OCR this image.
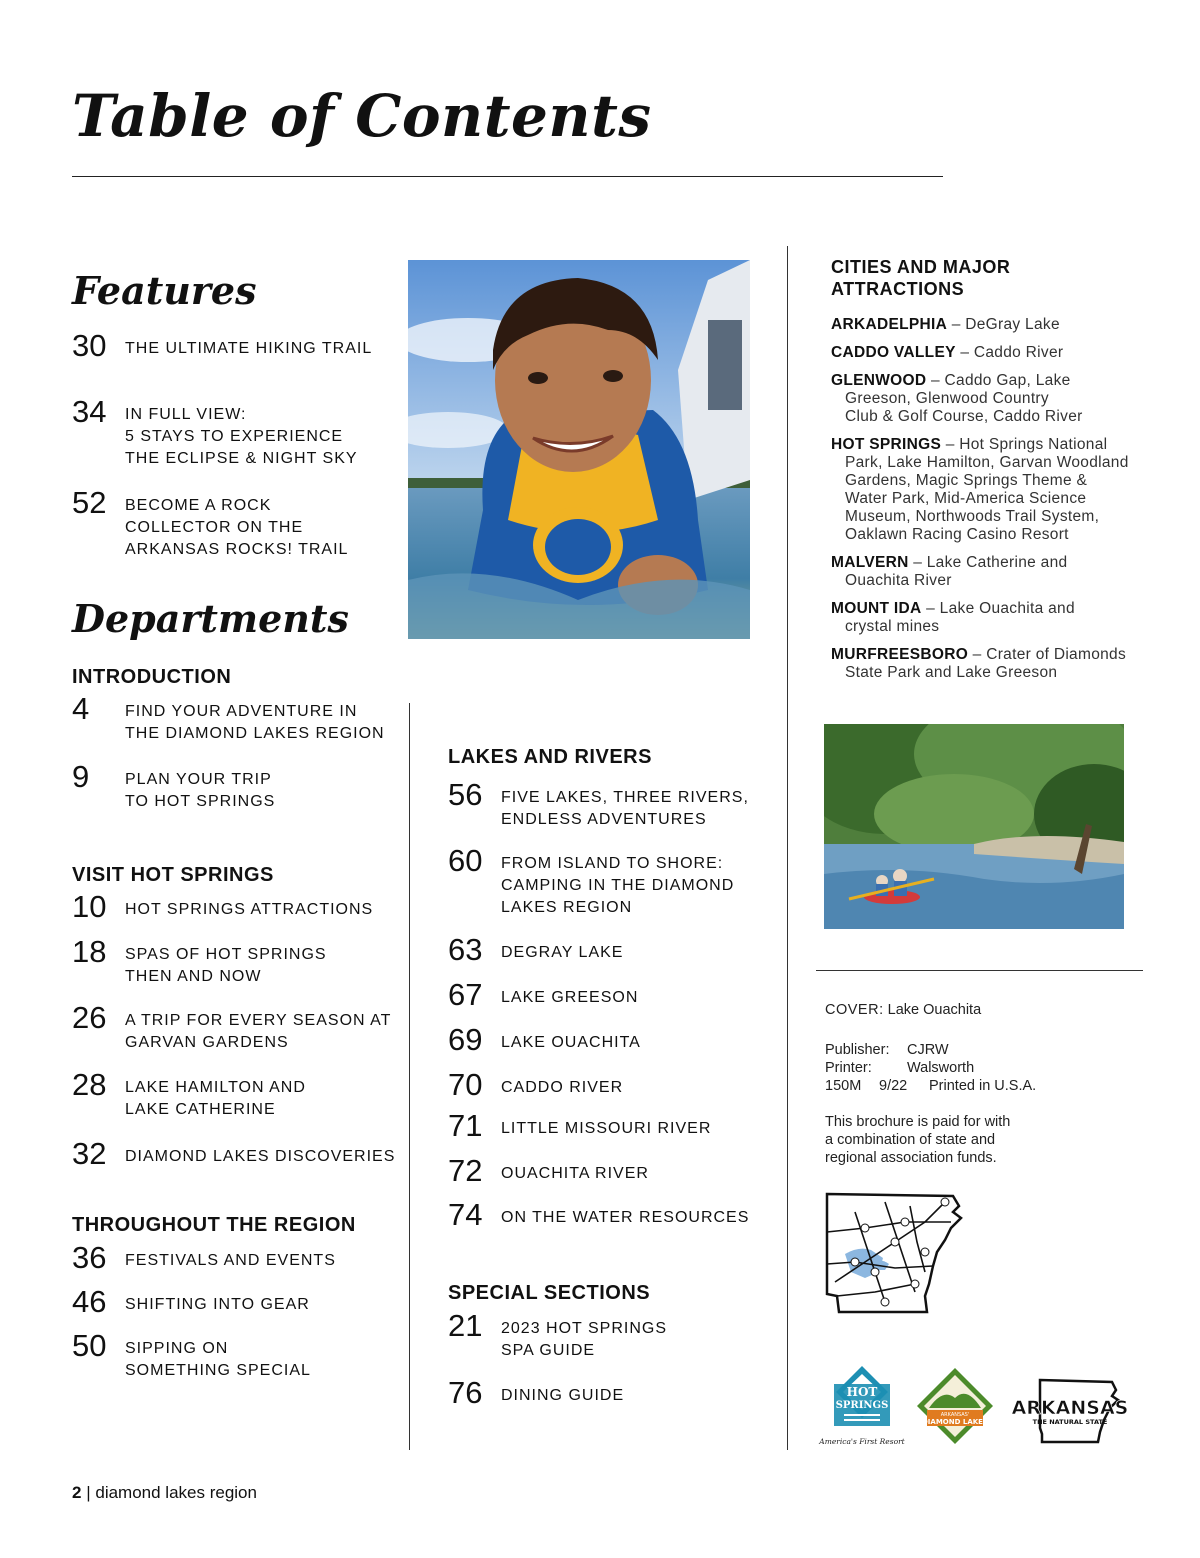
Table of Contents
Features
Departments
INTRODUCTION
VISIT HOT SPRINGS
THROUGHOUT THE REGION
LAKES AND RIVERS
SPECIAL SECTIONS
CITIES AND MAJOR
ATTRACTIONS
ARKADELPHIA – DeGray Lake
CADDO VALLEY – Caddo River
GLENWOOD – Caddo Gap, Lake
Greeson, Glenwood Country
Club & Golf Course, Caddo River
HOT SPRINGS – Hot Springs National
Park, Lake Hamilton, Garvan Woodland
Gardens, Magic Springs Theme &
Water Park, Mid-America Science
Museum, Northwoods Trail System,
Oaklawn Racing Casino Resort
MALVERN – Lake Catherine and
Ouachita River
MOUNT IDA – Lake Ouachita and
crystal mines
MURFREESBORO – Crater of Diamonds
State Park and Lake Greeson
COVER: Lake Ouachita
Publisher: CJRW
Printer: Walsworth
150M 9/22 Printed in U.S.A.
This brochure is paid for with
a combination of state and
regional association funds.
HOT
SPRINGS
America's First Resort
ARKANSAS'
DIAMOND LAKES
ARKANSAS
THE NATURAL STATE
2 | diamond lakes region
30	THE ULTIMATE HIKING TRAIL
34	IN FULL VIEW:
5 STAYS TO EXPERIENCE
THE ECLIPSE & NIGHT SKY
52	BECOME A ROCK
COLLECTOR ON THE
ARKANSAS ROCKS! TRAIL
4	FIND YOUR ADVENTURE IN
THE DIAMOND LAKES REGION
9	PLAN YOUR TRIP
TO HOT SPRINGS
10	HOT SPRINGS ATTRACTIONS
18	SPAS OF HOT SPRINGS
THEN AND NOW
26	A TRIP FOR EVERY SEASON AT
GARVAN GARDENS
28	LAKE HAMILTON AND
LAKE CATHERINE
32	DIAMOND LAKES DISCOVERIES
36	FESTIVALS AND EVENTS
46	SHIFTING INTO GEAR
50	SIPPING ON
SOMETHING SPECIAL
56	FIVE LAKES, THREE RIVERS,
ENDLESS ADVENTURES
60	FROM ISLAND TO SHORE:
CAMPING IN THE DIAMOND
LAKES REGION
63	DEGRAY LAKE
67	LAKE GREESON
69	LAKE OUACHITA
70	CADDO RIVER
71	LITTLE MISSOURI RIVER
72	OUACHITA RIVER
74	ON THE WATER RESOURCES
21	2023 HOT SPRINGS
SPA GUIDE
76	DINING GUIDE
